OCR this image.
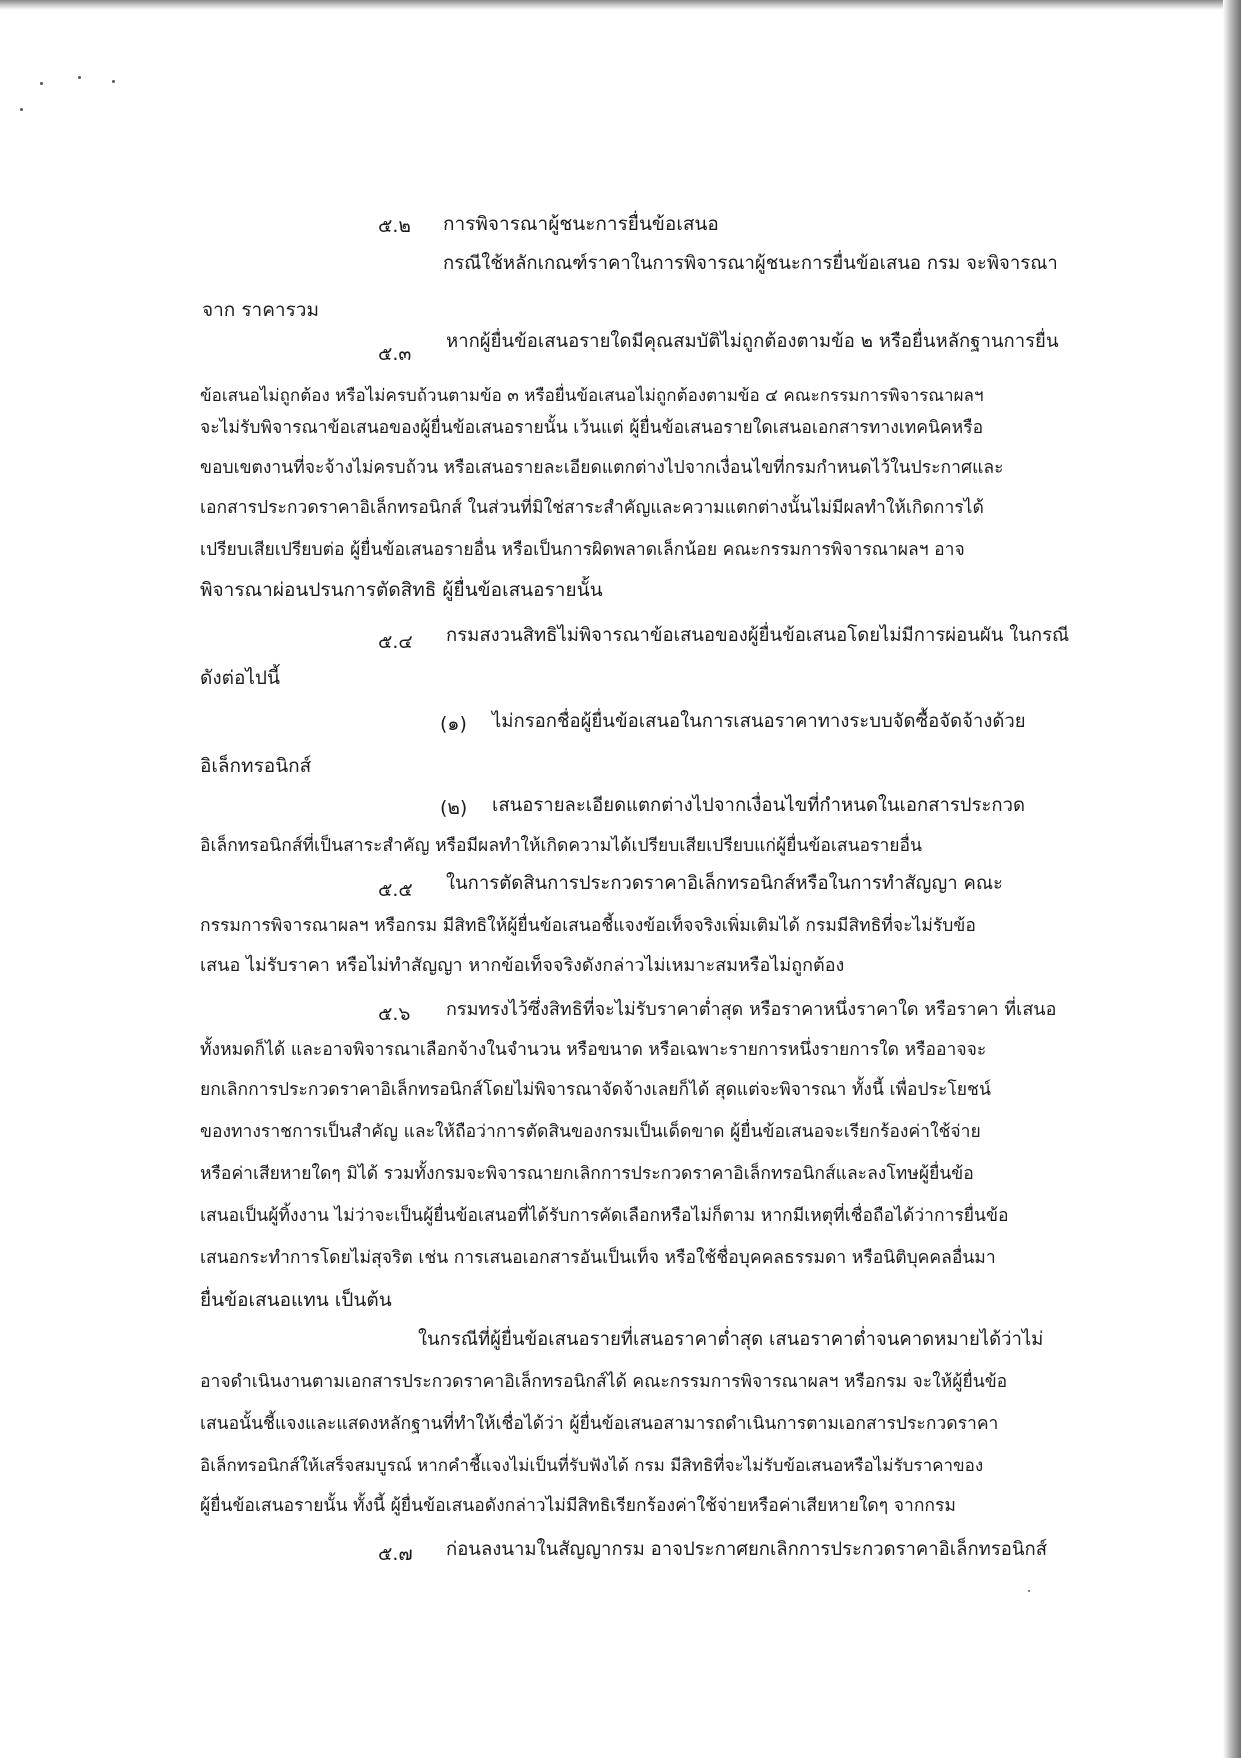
๕.๒ การพิจารณาผู้ชนะการยื่นข้อเสนอ
กรณีใช้หลักเกณฑ์ราคาในการพิจารณาผู้ชนะการยื่นข้อเสนอ กรม จะพิจารณา
จาก ราคารวม
๕.๓
หากผู้ยื่นข้อเสนอรายใดมีคุณสมบัติไม่ถูกต้องตามข้อ ๒ หรือยื่นหลักฐานการยื่น
ข้อเสนอไม่ถูกต้อง หรือไม่ครบถ้วนตามข้อ ๓ หรือยื่นข้อเสนอไม่ถูกต้องตามข้อ ๔ คณะกรรมการพิจารณาผลฯ
จะไม่รับพิจารณาข้อเสนอของผู้ยื่นข้อเสนอรายนั้น เว้นแต่ ผู้ยื่นข้อเสนอรายใดเสนอเอกสารทางเทคนิคหรือ
ขอบเขตงานที่จะจ้างไม่ครบถ้วน หรือเสนอรายละเอียดแตกต่างไปจากเงื่อนไขที่กรมกำหนดไว้ในประกาศและ
เอกสารประกวดราคาอิเล็กทรอนิกส์ ในส่วนที่มิใช่สาระสำคัญและความแตกต่างนั้นไม่มีผลทำให้เกิดการได้
เปรียบเสียเปรียบต่อ ผู้ยื่นข้อเสนอรายอื่น หรือเป็นการผิดพลาดเล็กน้อย คณะกรรมการพิจารณาผลฯ อาจ
พิจารณาผ่อนปรนการตัดสิทธิ ผู้ยื่นข้อเสนอรายนั้น
๕.๔ กรมสงวนสิทธิไม่พิจารณาข้อเสนอของผู้ยื่นข้อเสนอโดยไม่มีการผ่อนผัน ในกรณี
ดังต่อไปนี้
(๑) ไม่กรอกชื่อผู้ยื่นข้อเสนอในการเสนอราคาทางระบบจัดซื้อจัดจ้างด้วย
อิเล็กทรอนิกส์
(๒) เสนอรายละเอียดแตกต่างไปจากเงื่อนไขที่กำหนดในเอกสารประกวด
อิเล็กทรอนิกส์ที่เป็นสาระสำคัญ หรือมีผลทำให้เกิดความได้เปรียบเสียเปรียบแก่ผู้ยื่นข้อเสนอรายอื่น
๕.๕ ในการตัดสินการประกวดราคาอิเล็กทรอนิกส์หรือในการทำสัญญา คณะ
กรรมการพิจารณาผลฯ หรือกรม มีสิทธิให้ผู้ยื่นข้อเสนอชี้แจงข้อเท็จจริงเพิ่มเติมได้ กรมมีสิทธิที่จะไม่รับข้อ
เสนอ ไม่รับราคา หรือไม่ทำสัญญา หากข้อเท็จจริงดังกล่าวไม่เหมาะสมหรือไม่ถูกต้อง
๕.๖ กรมทรงไว้ซึ่งสิทธิที่จะไม่รับราคาต่ำสุด หรือราคาหนึ่งราคาใด หรือราคา ที่เสนอ
ทั้งหมดก็ได้ และอาจพิจารณาเลือกจ้างในจำนวน หรือขนาด หรือเฉพาะรายการหนึ่งรายการใด หรืออาจจะ
ยกเลิกการประกวดราคาอิเล็กทรอนิกส์โดยไม่พิจารณาจัดจ้างเลยก็ได้ สุดแต่จะพิจารณา ทั้งนี้ เพื่อประโยชน์
ของทางราชการเป็นสำคัญ และให้ถือว่าการตัดสินของกรมเป็นเด็ดขาด ผู้ยื่นข้อเสนอจะเรียกร้องค่าใช้จ่าย
หรือค่าเสียหายใดๆ มิได้ รวมทั้งกรมจะพิจารณายกเลิกการประกวดราคาอิเล็กทรอนิกส์และลงโทษผู้ยื่นข้อ
เสนอเป็นผู้ทิ้งงาน ไม่ว่าจะเป็นผู้ยื่นข้อเสนอที่ได้รับการคัดเลือกหรือไม่ก็ตาม หากมีเหตุที่เชื่อถือได้ว่าการยื่นข้อ
เสนอกระทำการโดยไม่สุจริต เช่น การเสนอเอกสารอันเป็นเท็จ หรือใช้ชื่อบุคคลธรรมดา หรือนิติบุคคลอื่นมา
ยื่นข้อเสนอแทน เป็นต้น
ในกรณีที่ผู้ยื่นข้อเสนอรายที่เสนอราคาต่ำสุด เสนอราคาต่ำจนคาดหมายได้ว่าไม่
อาจดำเนินงานตามเอกสารประกวดราคาอิเล็กทรอนิกส์ได้ คณะกรรมการพิจารณาผลฯ หรือกรม จะให้ผู้ยื่นข้อ
เสนอนั้นชี้แจงและแสดงหลักฐานที่ทำให้เชื่อได้ว่า ผู้ยื่นข้อเสนอสามารถดำเนินการตามเอกสารประกวดราคา
อิเล็กทรอนิกส์ให้เสร็จสมบูรณ์ หากคำชี้แจงไม่เป็นที่รับฟังได้ กรม มีสิทธิที่จะไม่รับข้อเสนอหรือไม่รับราคาของ
ผู้ยื่นข้อเสนอรายนั้น ทั้งนี้ ผู้ยื่นข้อเสนอดังกล่าวไม่มีสิทธิเรียกร้องค่าใช้จ่ายหรือค่าเสียหายใดๆ จากกรม
๕.๗ ก่อนลงนามในสัญญากรม อาจประกาศยกเลิกการประกวดราคาอิเล็กทรอนิกส์
